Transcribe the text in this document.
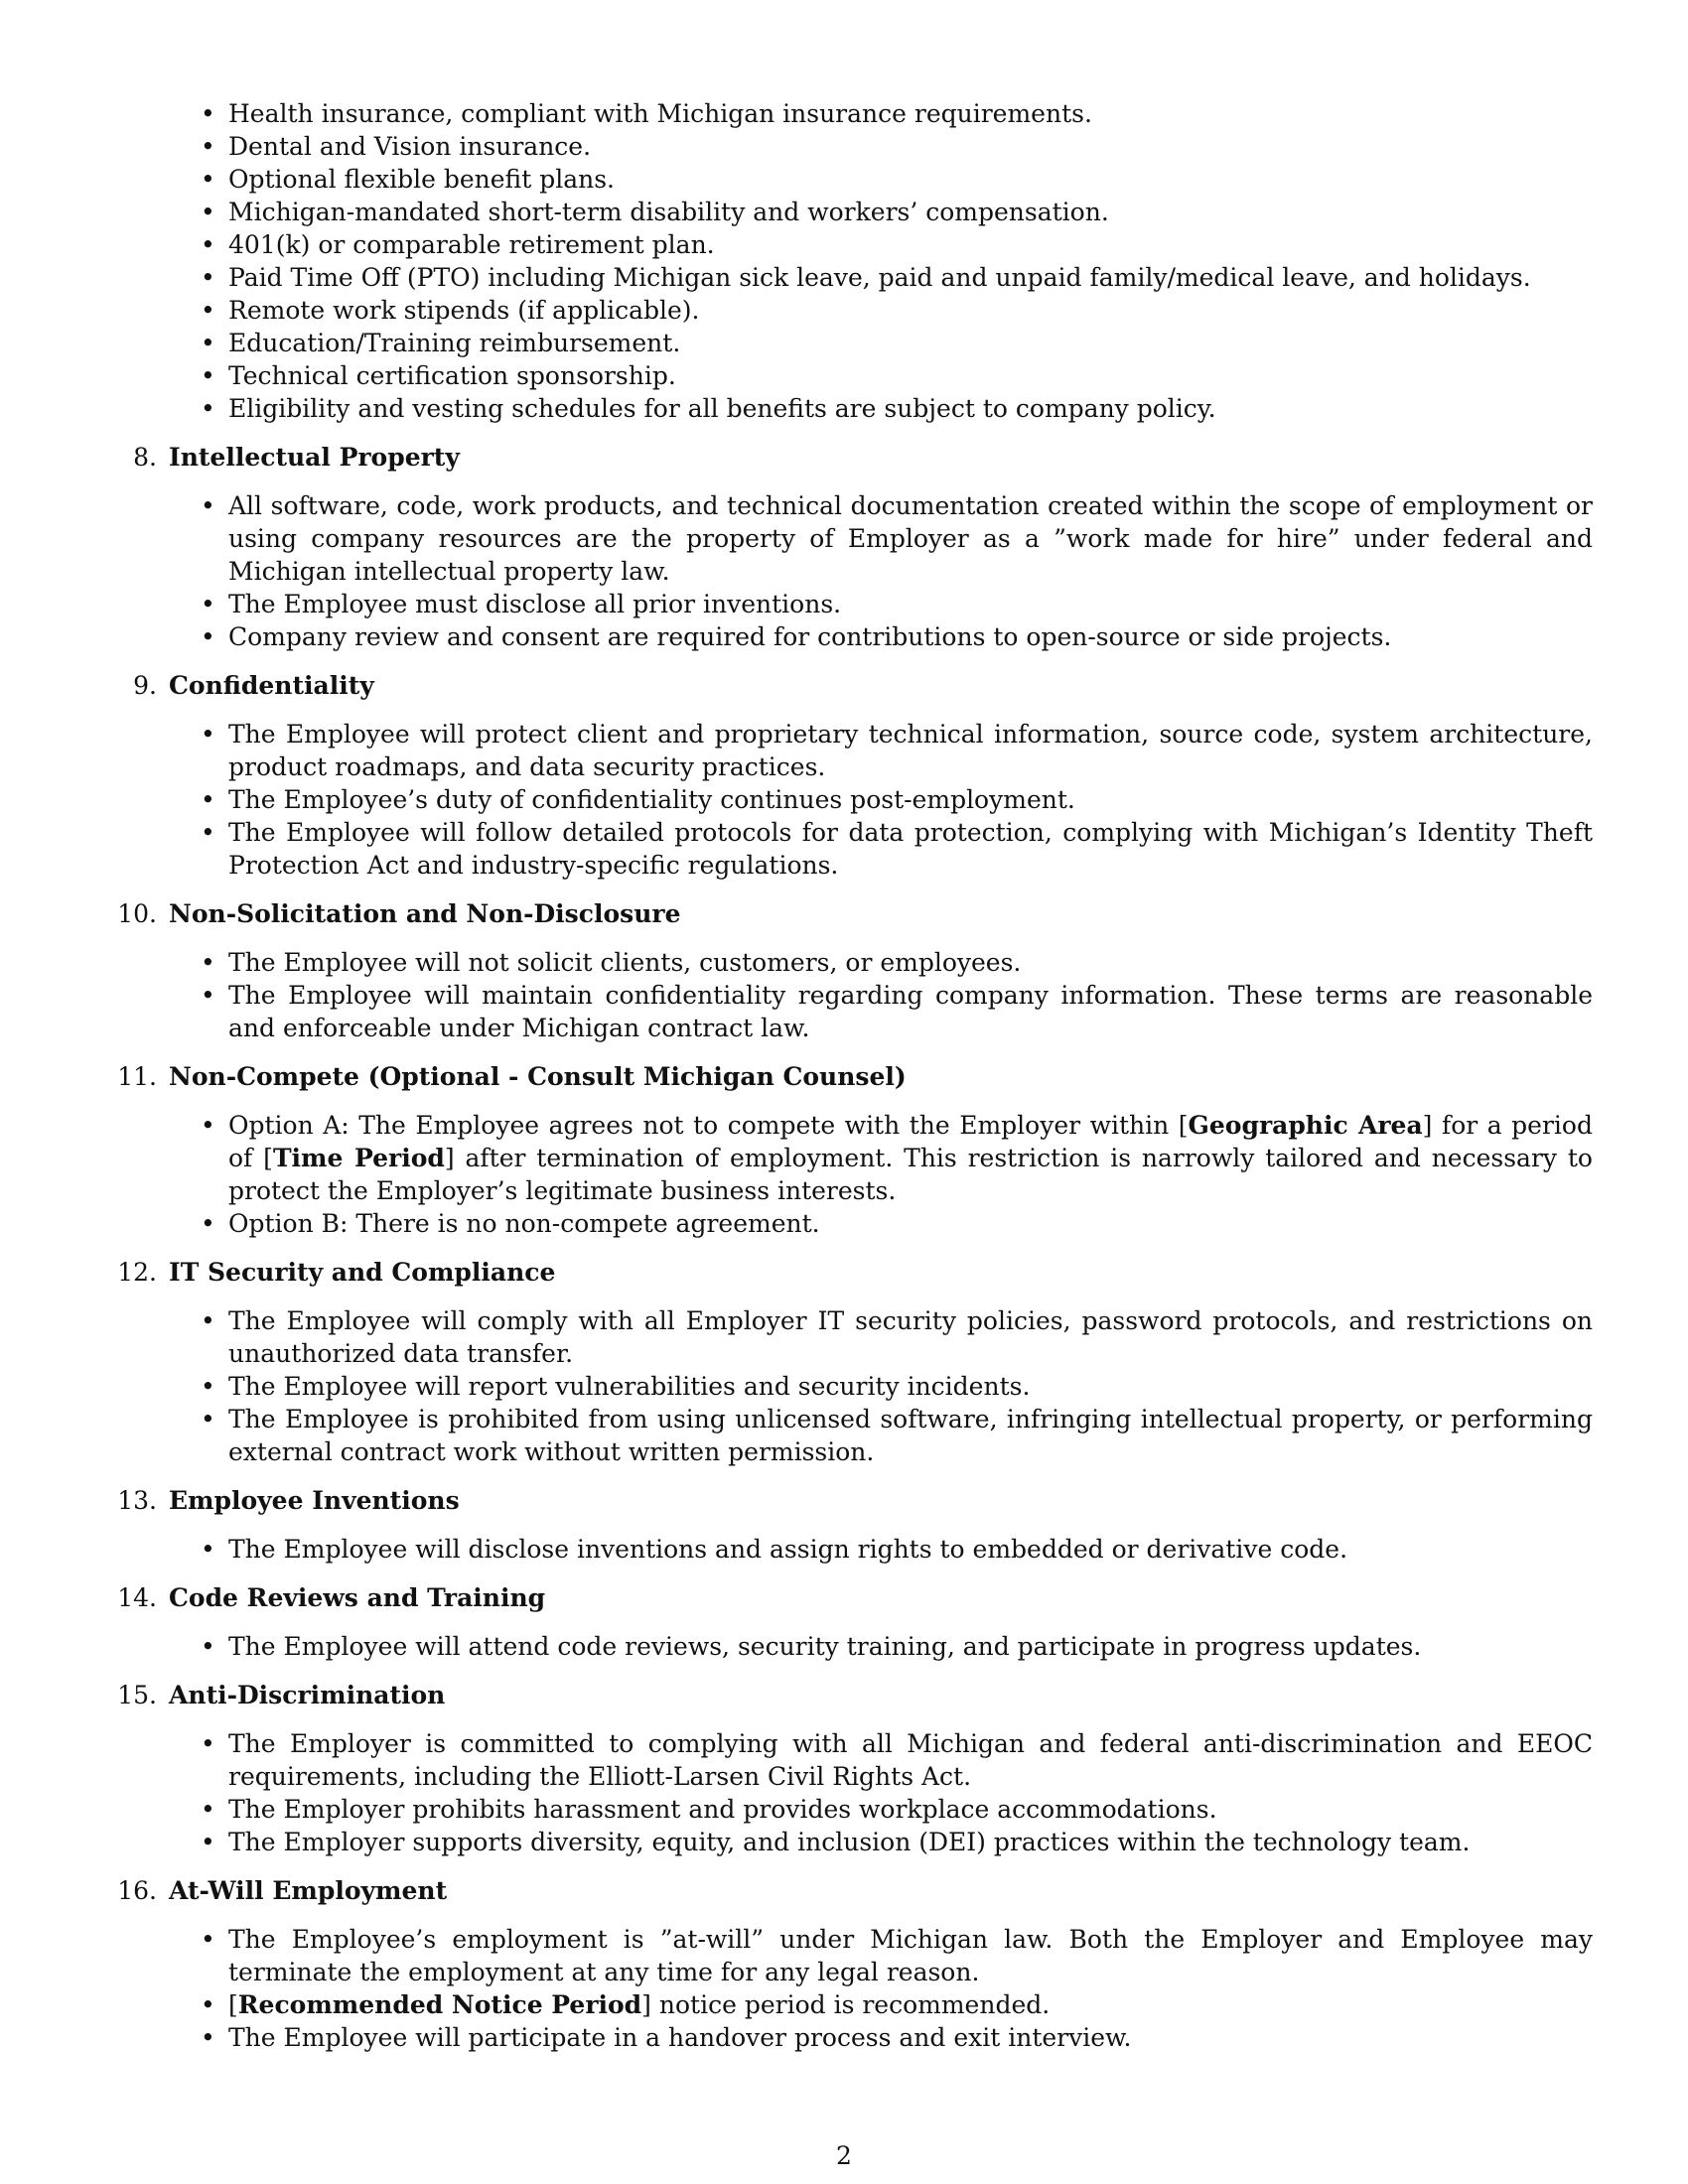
• Health insurance, compliant with Michigan insurance requirements.
• Dental and Vision insurance.
• Optional flexible benefit plans.
• Michigan-mandated short-term disability and workers’ compensation.
• 401(k) or comparable retirement plan.
• Paid Time Off (PTO) including Michigan sick leave, paid and unpaid family/medical leave, and holidays.
• Remote work stipends (if applicable).
• Education/Training reimbursement.
• Technical certification sponsorship.
• Eligibility and vesting schedules for all benefits are subject to company policy.
8. Intellectual Property
• All software, code, work products, and technical documentation created within the scope of employment or using company resources are the property of Employer as a ”work made for hire” under federal and Michigan intellectual property law.
• The Employee must disclose all prior inventions.
• Company review and consent are required for contributions to open-source or side projects.
9. Confidentiality
• The Employee will protect client and proprietary technical information, source code, system architecture, product roadmaps, and data security practices.
• The Employee’s duty of confidentiality continues post-employment.
• The Employee will follow detailed protocols for data protection, complying with Michigan’s Identity Theft Protection Act and industry-specific regulations.
10. Non-Solicitation and Non-Disclosure
• The Employee will not solicit clients, customers, or employees.
• The Employee will maintain confidentiality regarding company information. These terms are reasonable and enforceable under Michigan contract law.
11. Non-Compete (Optional - Consult Michigan Counsel)
• Option A: The Employee agrees not to compete with the Employer within [Geographic Area] for a period of [Time Period] after termination of employment. This restriction is narrowly tailored and necessary to protect the Employer’s legitimate business interests.
• Option B: There is no non-compete agreement.
12. IT Security and Compliance
• The Employee will comply with all Employer IT security policies, password protocols, and restrictions on unauthorized data transfer.
• The Employee will report vulnerabilities and security incidents.
• The Employee is prohibited from using unlicensed software, infringing intellectual property, or performing external contract work without written permission.
13. Employee Inventions
• The Employee will disclose inventions and assign rights to embedded or derivative code.
14. Code Reviews and Training
• The Employee will attend code reviews, security training, and participate in progress updates.
15. Anti-Discrimination
• The Employer is committed to complying with all Michigan and federal anti-discrimination and EEOC requirements, including the Elliott-Larsen Civil Rights Act.
• The Employer prohibits harassment and provides workplace accommodations.
• The Employer supports diversity, equity, and inclusion (DEI) practices within the technology team.
16. At-Will Employment
• The Employee’s employment is ”at-will” under Michigan law. Both the Employer and Employee may terminate the employment at any time for any legal reason.
• [Recommended Notice Period] notice period is recommended.
• The Employee will participate in a handover process and exit interview.
2
